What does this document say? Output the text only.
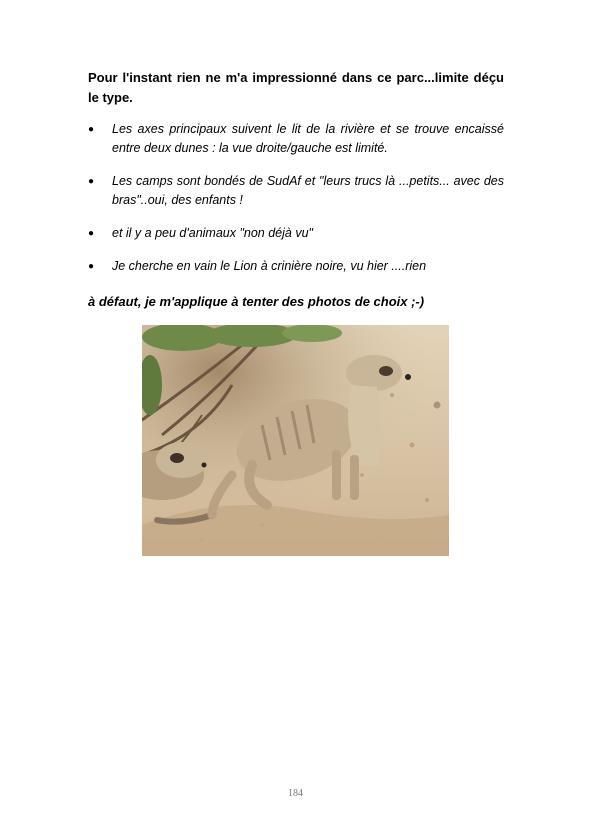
Pour l'instant rien ne m'a impressionné dans ce parc...limite déçu le type.

● Les axes principaux suivent le lit de la rivière et se trouve encaissé entre deux dunes : la vue droite/gauche est limité.
● Les camps sont bondés de SudAf et "leurs trucs là ...petits... avec des bras"..oui, des enfants !
● et il y a peu d'animaux "non déjà vu"
● Je cherche en vain le Lion à crinière noire, vu hier ....rien

à défaut, je m'applique à tenter des photos de choix ;-)

184
